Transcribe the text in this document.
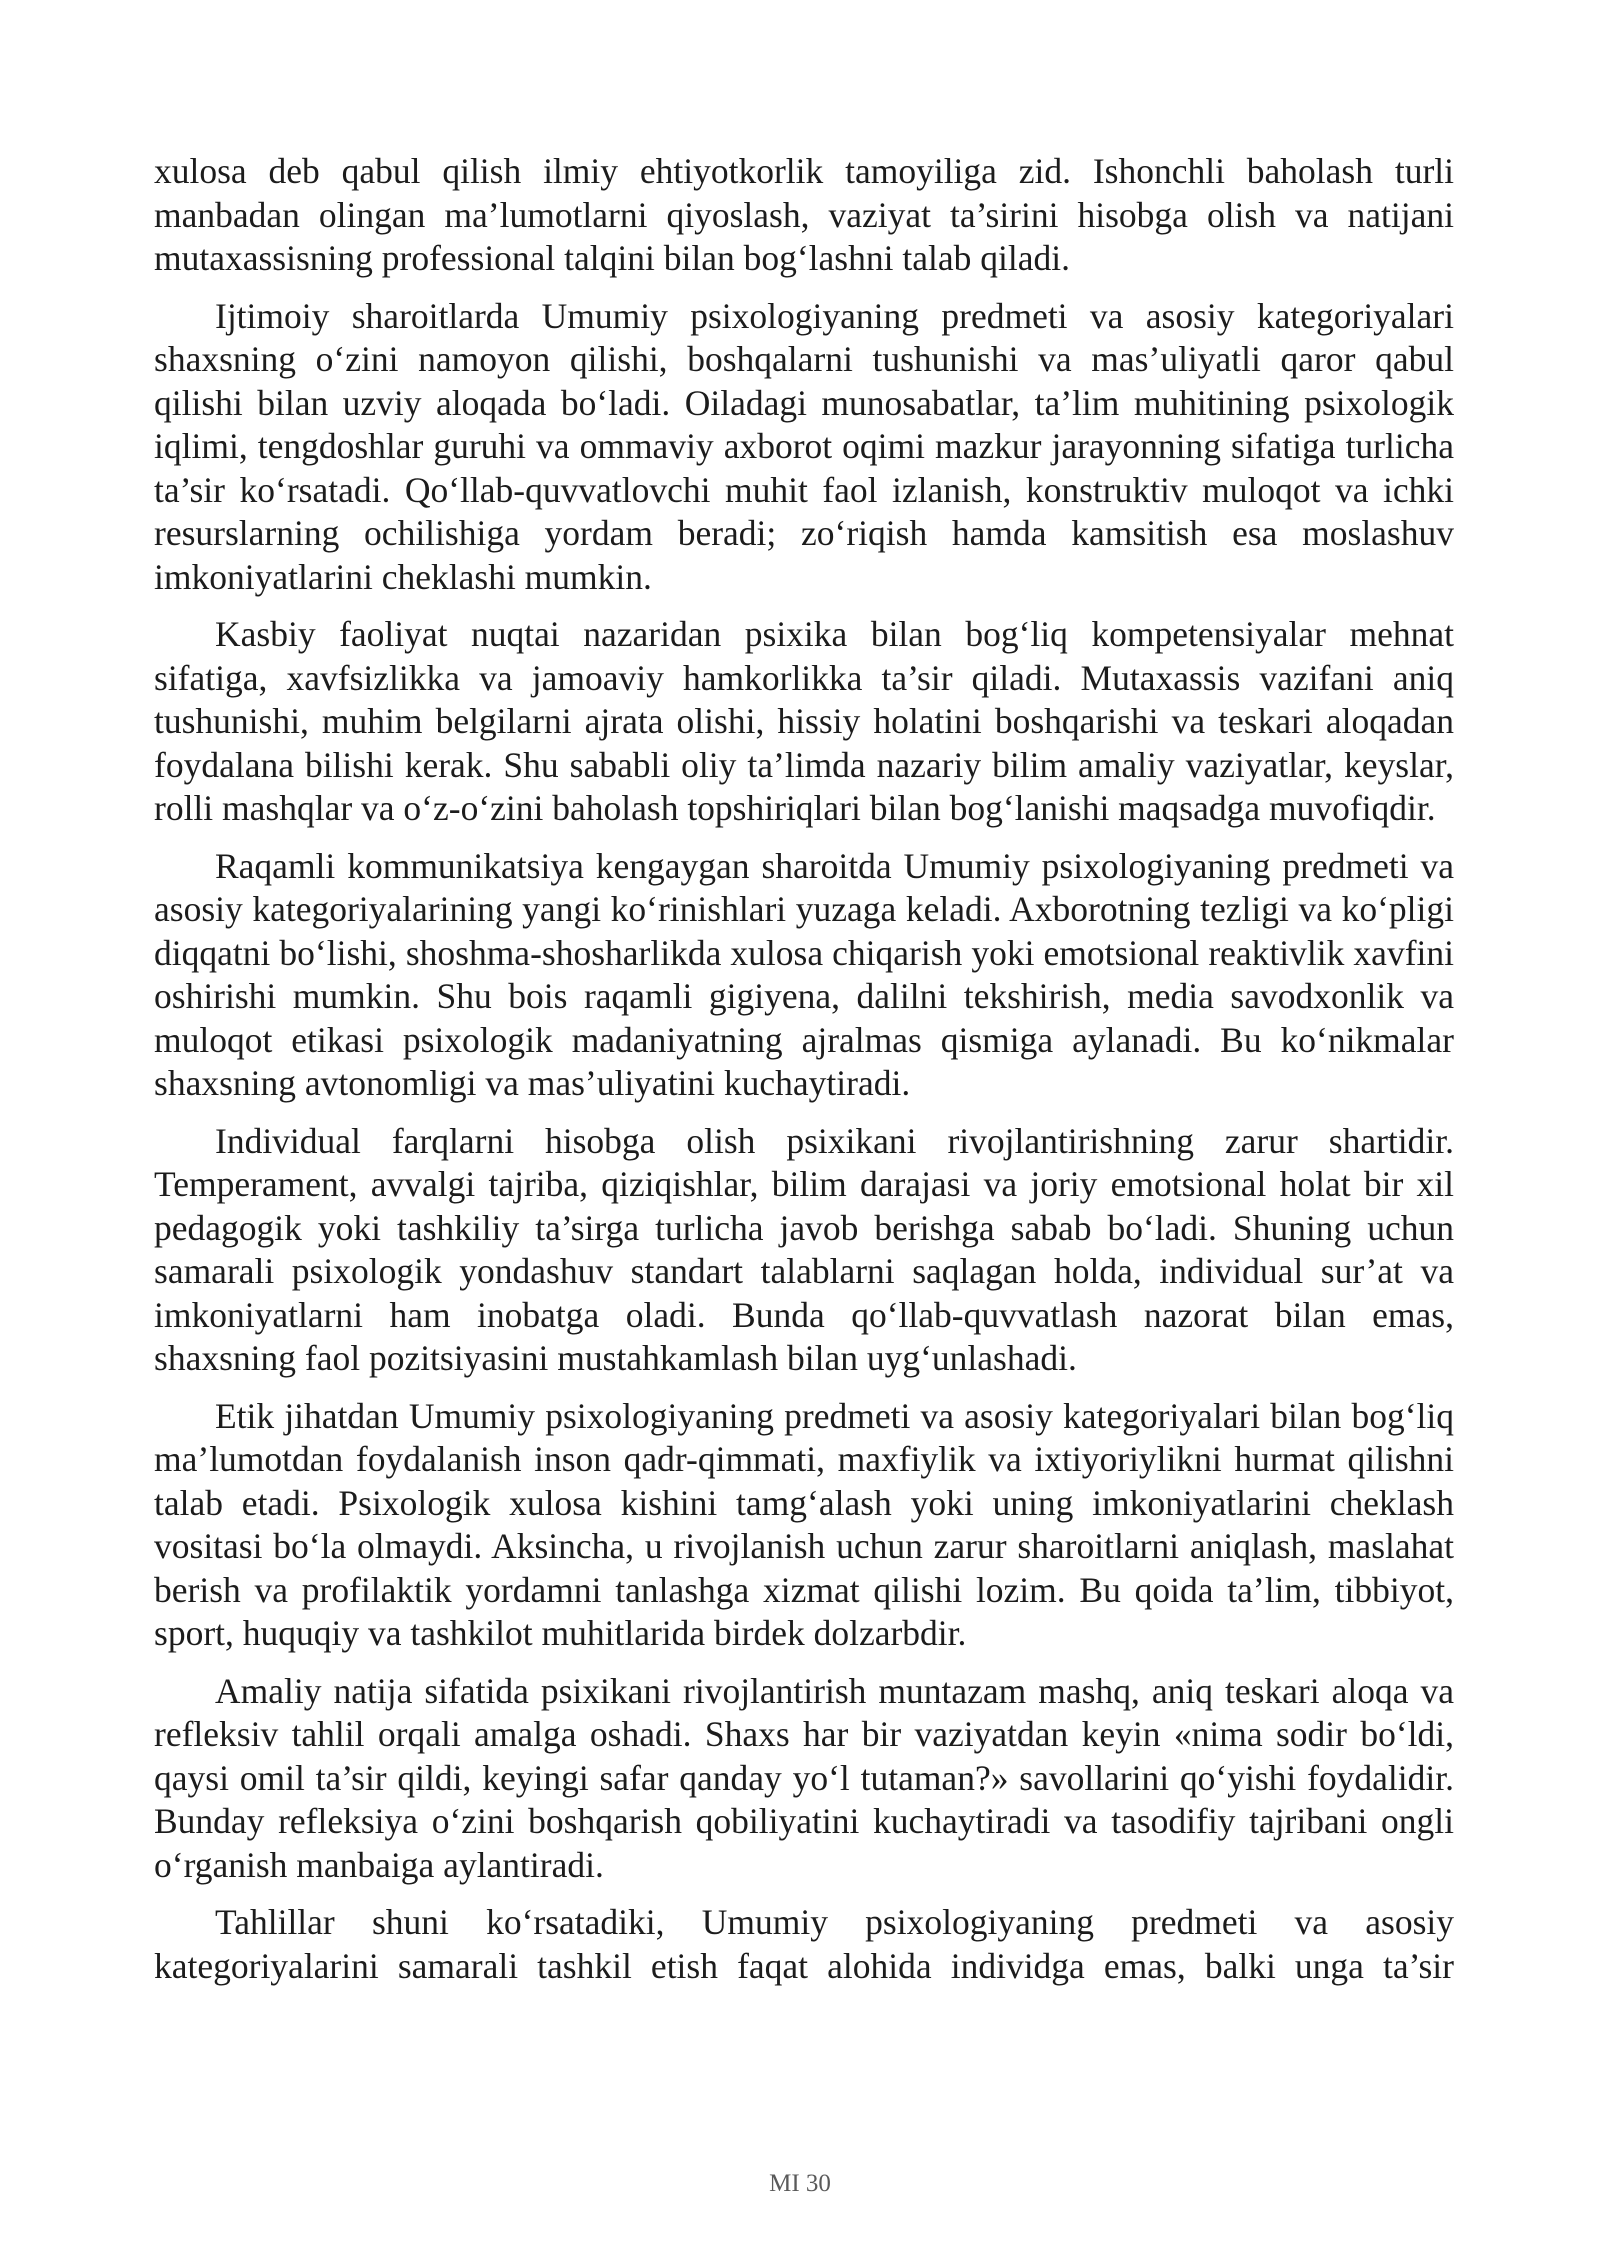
xulosa deb qabul qilish ilmiy ehtiyotkorlik tamoyiliga zid. Ishonchli baholash turli manbadan olingan ma’lumotlarni qiyoslash, vaziyat ta’sirini hisobga olish va natijani mutaxassisning professional talqini bilan bog‘lashni talab qiladi.

Ijtimoiy sharoitlarda Umumiy psixologiyaning predmeti va asosiy kategoriyalari shaxsning o‘zini namoyon qilishi, boshqalarni tushunishi va mas’uliyatli qaror qabul qilishi bilan uzviy aloqada bo‘ladi. Oiladagi munosabatlar, ta’lim muhitining psixologik iqlimi, tengdoshlar guruhi va ommaviy axborot oqimi mazkur jarayonning sifatiga turlicha ta’sir ko‘rsatadi. Qo‘llab-quvvatlovchi muhit faol izlanish, konstruktiv muloqot va ichki resurslarning ochilishiga yordam beradi; zo‘riqish hamda kamsitish esa moslashuv imkoniyatlarini cheklashi mumkin.

Kasbiy faoliyat nuqtai nazaridan psixika bilan bog‘liq kompetensiyalar mehnat sifatiga, xavfsizlikka va jamoaviy hamkorlikka ta’sir qiladi. Mutaxassis vazifani aniq tushunishi, muhim belgilarni ajrata olishi, hissiy holatini boshqarishi va teskari aloqadan foydalana bilishi kerak. Shu sababli oliy ta’limda nazariy bilim amaliy vaziyatlar, keyslar, rolli mashqlar va o‘z-o‘zini baholash topshiriqlari bilan bog‘lanishi maqsadga muvofiqdir.

Raqamli kommunikatsiya kengaygan sharoitda Umumiy psixologiyaning predmeti va asosiy kategoriyalarining yangi ko‘rinishlari yuzaga keladi. Axborotning tezligi va ko‘pligi diqqatni bo‘lishi, shoshma-shosharlikda xulosa chiqarish yoki emotsional reaktivlik xavfini oshirishi mumkin. Shu bois raqamli gigiyena, dalilni tekshirish, media savodxonlik va muloqot etikasi psixologik madaniyatning ajralmas qismiga aylanadi. Bu ko‘nikmalar shaxsning avtonomligi va mas’uliyatini kuchaytiradi.

Individual farqlarni hisobga olish psixikani rivojlantirishning zarur shartidir. Temperament, avvalgi tajriba, qiziqishlar, bilim darajasi va joriy emotsional holat bir xil pedagogik yoki tashkiliy ta’sirga turlicha javob berishga sabab bo‘ladi. Shuning uchun samarali psixologik yondashuv standart talablarni saqlagan holda, individual sur’at va imkoniyatlarni ham inobatga oladi. Bunda qo‘llab-quvvatlash nazorat bilan emas, shaxsning faol pozitsiyasini mustahkamlash bilan uyg‘unlashadi.

Etik jihatdan Umumiy psixologiyaning predmeti va asosiy kategoriyalari bilan bog‘liq ma’lumotdan foydalanish inson qadr-qimmati, maxfiylik va ixtiyoriylikni hurmat qilishni talab etadi. Psixologik xulosa kishini tamg‘alash yoki uning imkoniyatlarini cheklash vositasi bo‘la olmaydi. Aksincha, u rivojlanish uchun zarur sharoitlarni aniqlash, maslahat berish va profilaktik yordamni tanlashga xizmat qilishi lozim. Bu qoida ta’lim, tibbiyot, sport, huquqiy va tashkilot muhitlarida birdek dolzarbdir.

Amaliy natija sifatida psixikani rivojlantirish muntazam mashq, aniq teskari aloqa va refleksiv tahlil orqali amalga oshadi. Shaxs har bir vaziyatdan keyin «nima sodir bo‘ldi, qaysi omil ta’sir qildi, keyingi safar qanday yo‘l tutaman?» savollarini qo‘yishi foydalidir. Bunday refleksiya o‘zini boshqarish qobiliyatini kuchaytiradi va tasodifiy tajribani ongli o‘rganish manbaiga aylantiradi.

Tahlillar shuni ko‘rsatadiki, Umumiy psixologiyaning predmeti va asosiy kategoriyalarini samarali tashkil etish faqat alohida individga emas, balki unga ta’sir

MI 30
